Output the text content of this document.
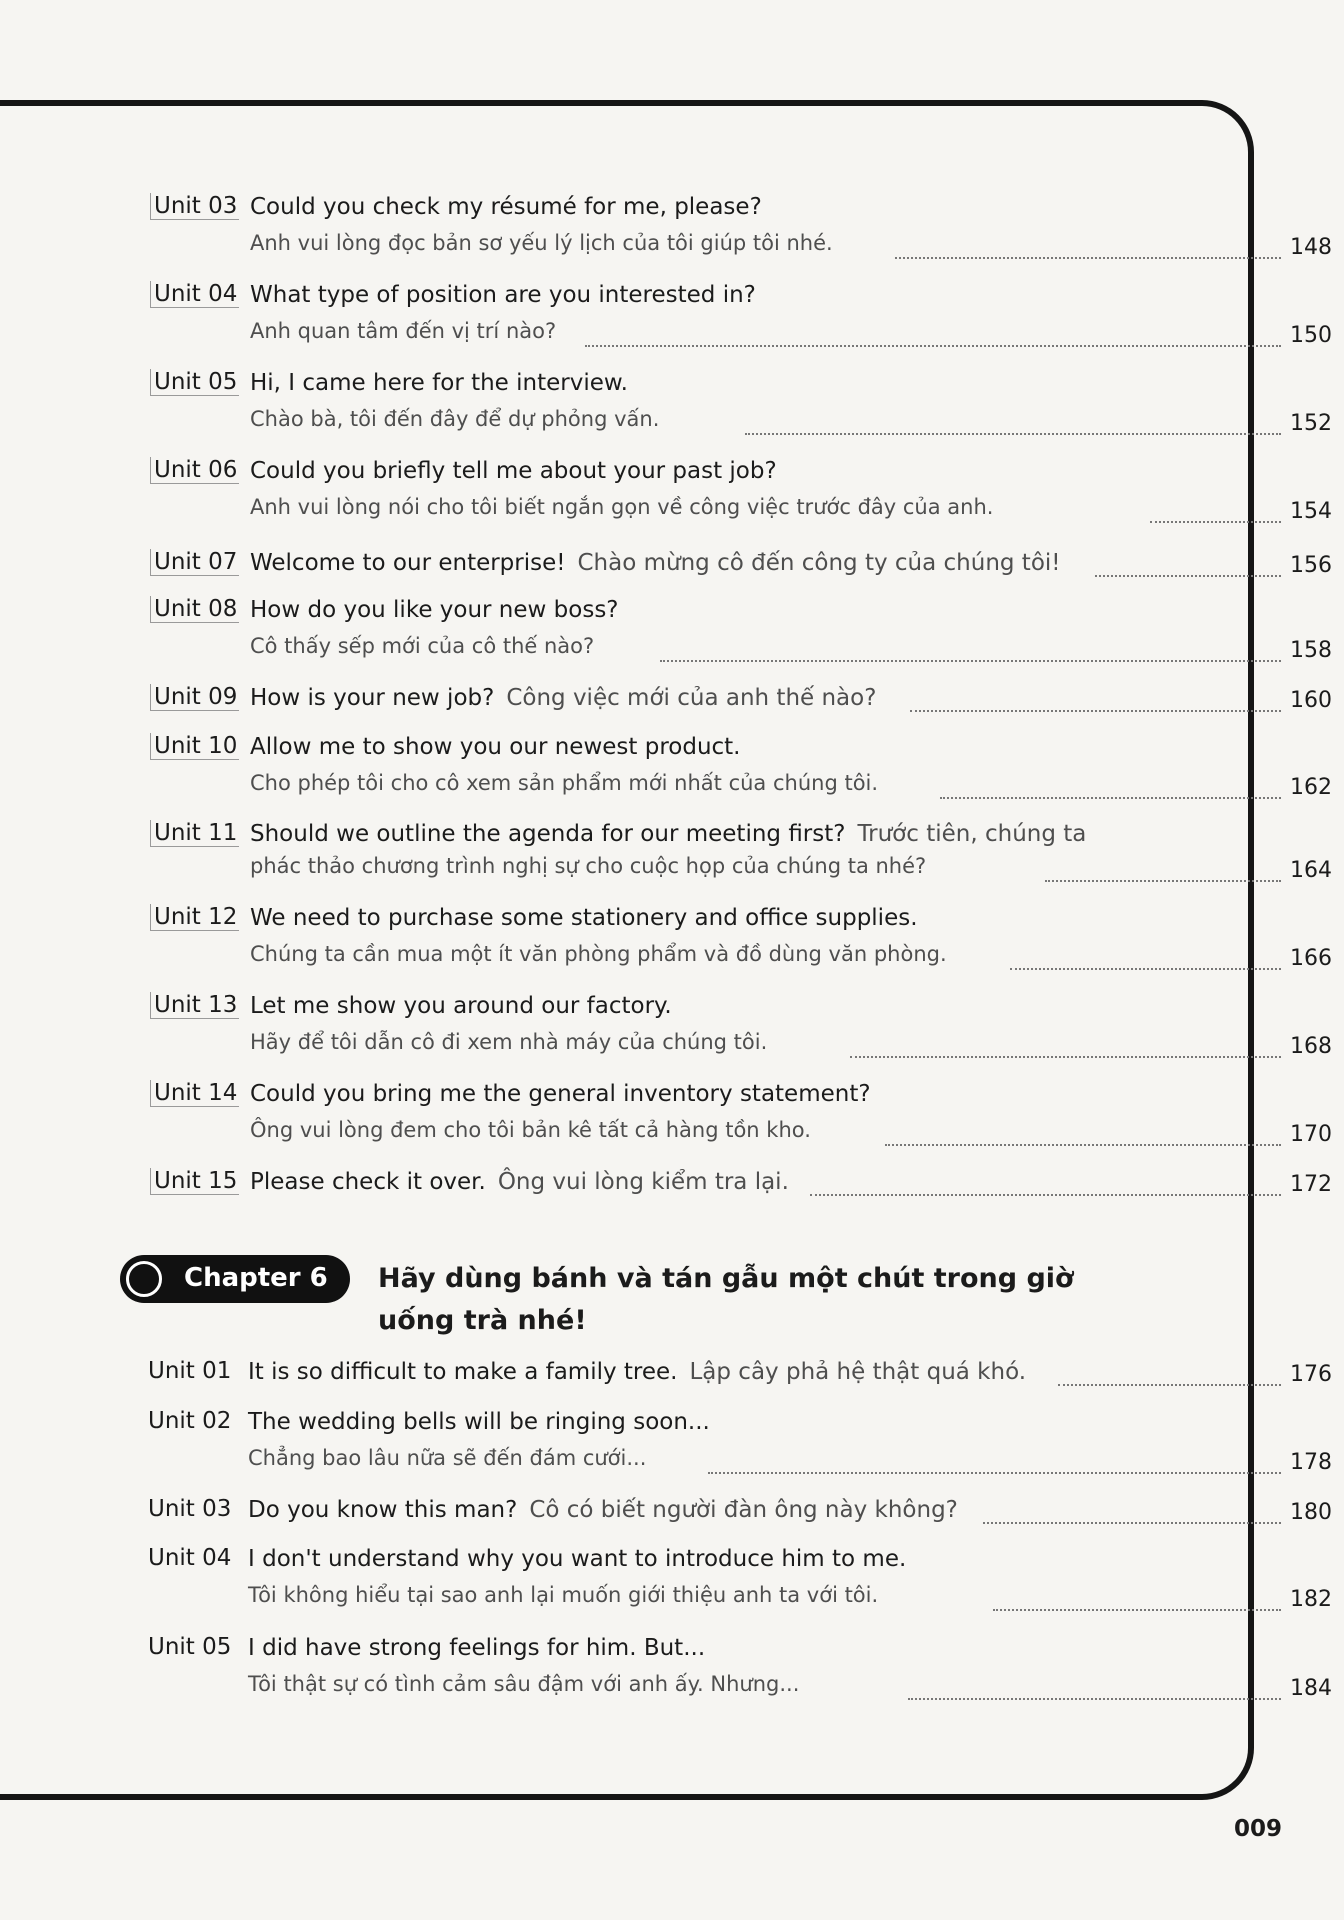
Unit 03 Could you check my résumé for me, please?
Anh vui lòng đọc bản sơ yếu lý lịch của tôi giúp tôi nhé.	148
Unit 04 What type of position are you interested in?
Anh quan tâm đến vị trí nào?	150
Unit 05 Hi, I came here for the interview.
Chào bà, tôi đến đây để dự phỏng vấn.	152
Unit 06 Could you briefly tell me about your past job?
Anh vui lòng nói cho tôi biết ngắn gọn về công việc trước đây của anh.	154
Unit 07 Welcome to our enterprise! Chào mừng cô đến công ty của chúng tôi!	156
Unit 08 How do you like your new boss?
Cô thấy sếp mới của cô thế nào?	158
Unit 09 How is your new job? Công việc mới của anh thế nào?	160
Unit 10 Allow me to show you our newest product.
Cho phép tôi cho cô xem sản phẩm mới nhất của chúng tôi.	162
Unit 11 Should we outline the agenda for our meeting first? Trước tiên, chúng ta
phác thảo chương trình nghị sự cho cuộc họp của chúng ta nhé?	164
Unit 12 We need to purchase some stationery and office supplies.
Chúng ta cần mua một ít văn phòng phẩm và đồ dùng văn phòng.	166
Unit 13 Let me show you around our factory.
Hãy để tôi dẫn cô đi xem nhà máy của chúng tôi.	168
Unit 14 Could you bring me the general inventory statement?
Ông vui lòng đem cho tôi bản kê tất cả hàng tồn kho.	170
Unit 15 Please check it over. Ông vui lòng kiểm tra lại.	172
Chapter 6 Hãy dùng bánh và tán gẫu một chút trong giờ uống trà nhé!
Unit 01 It is so difficult to make a family tree. Lập cây phả hệ thật quá khó.	176
Unit 02 The wedding bells will be ringing soon...
Chẳng bao lâu nữa sẽ đến đám cưới...	178
Unit 03 Do you know this man? Cô có biết người đàn ông này không?	180
Unit 04 I don't understand why you want to introduce him to me.
Tôi không hiểu tại sao anh lại muốn giới thiệu anh ta với tôi.	182
Unit 05 I did have strong feelings for him. But...
Tôi thật sự có tình cảm sâu đậm với anh ấy. Nhưng...	184
009
